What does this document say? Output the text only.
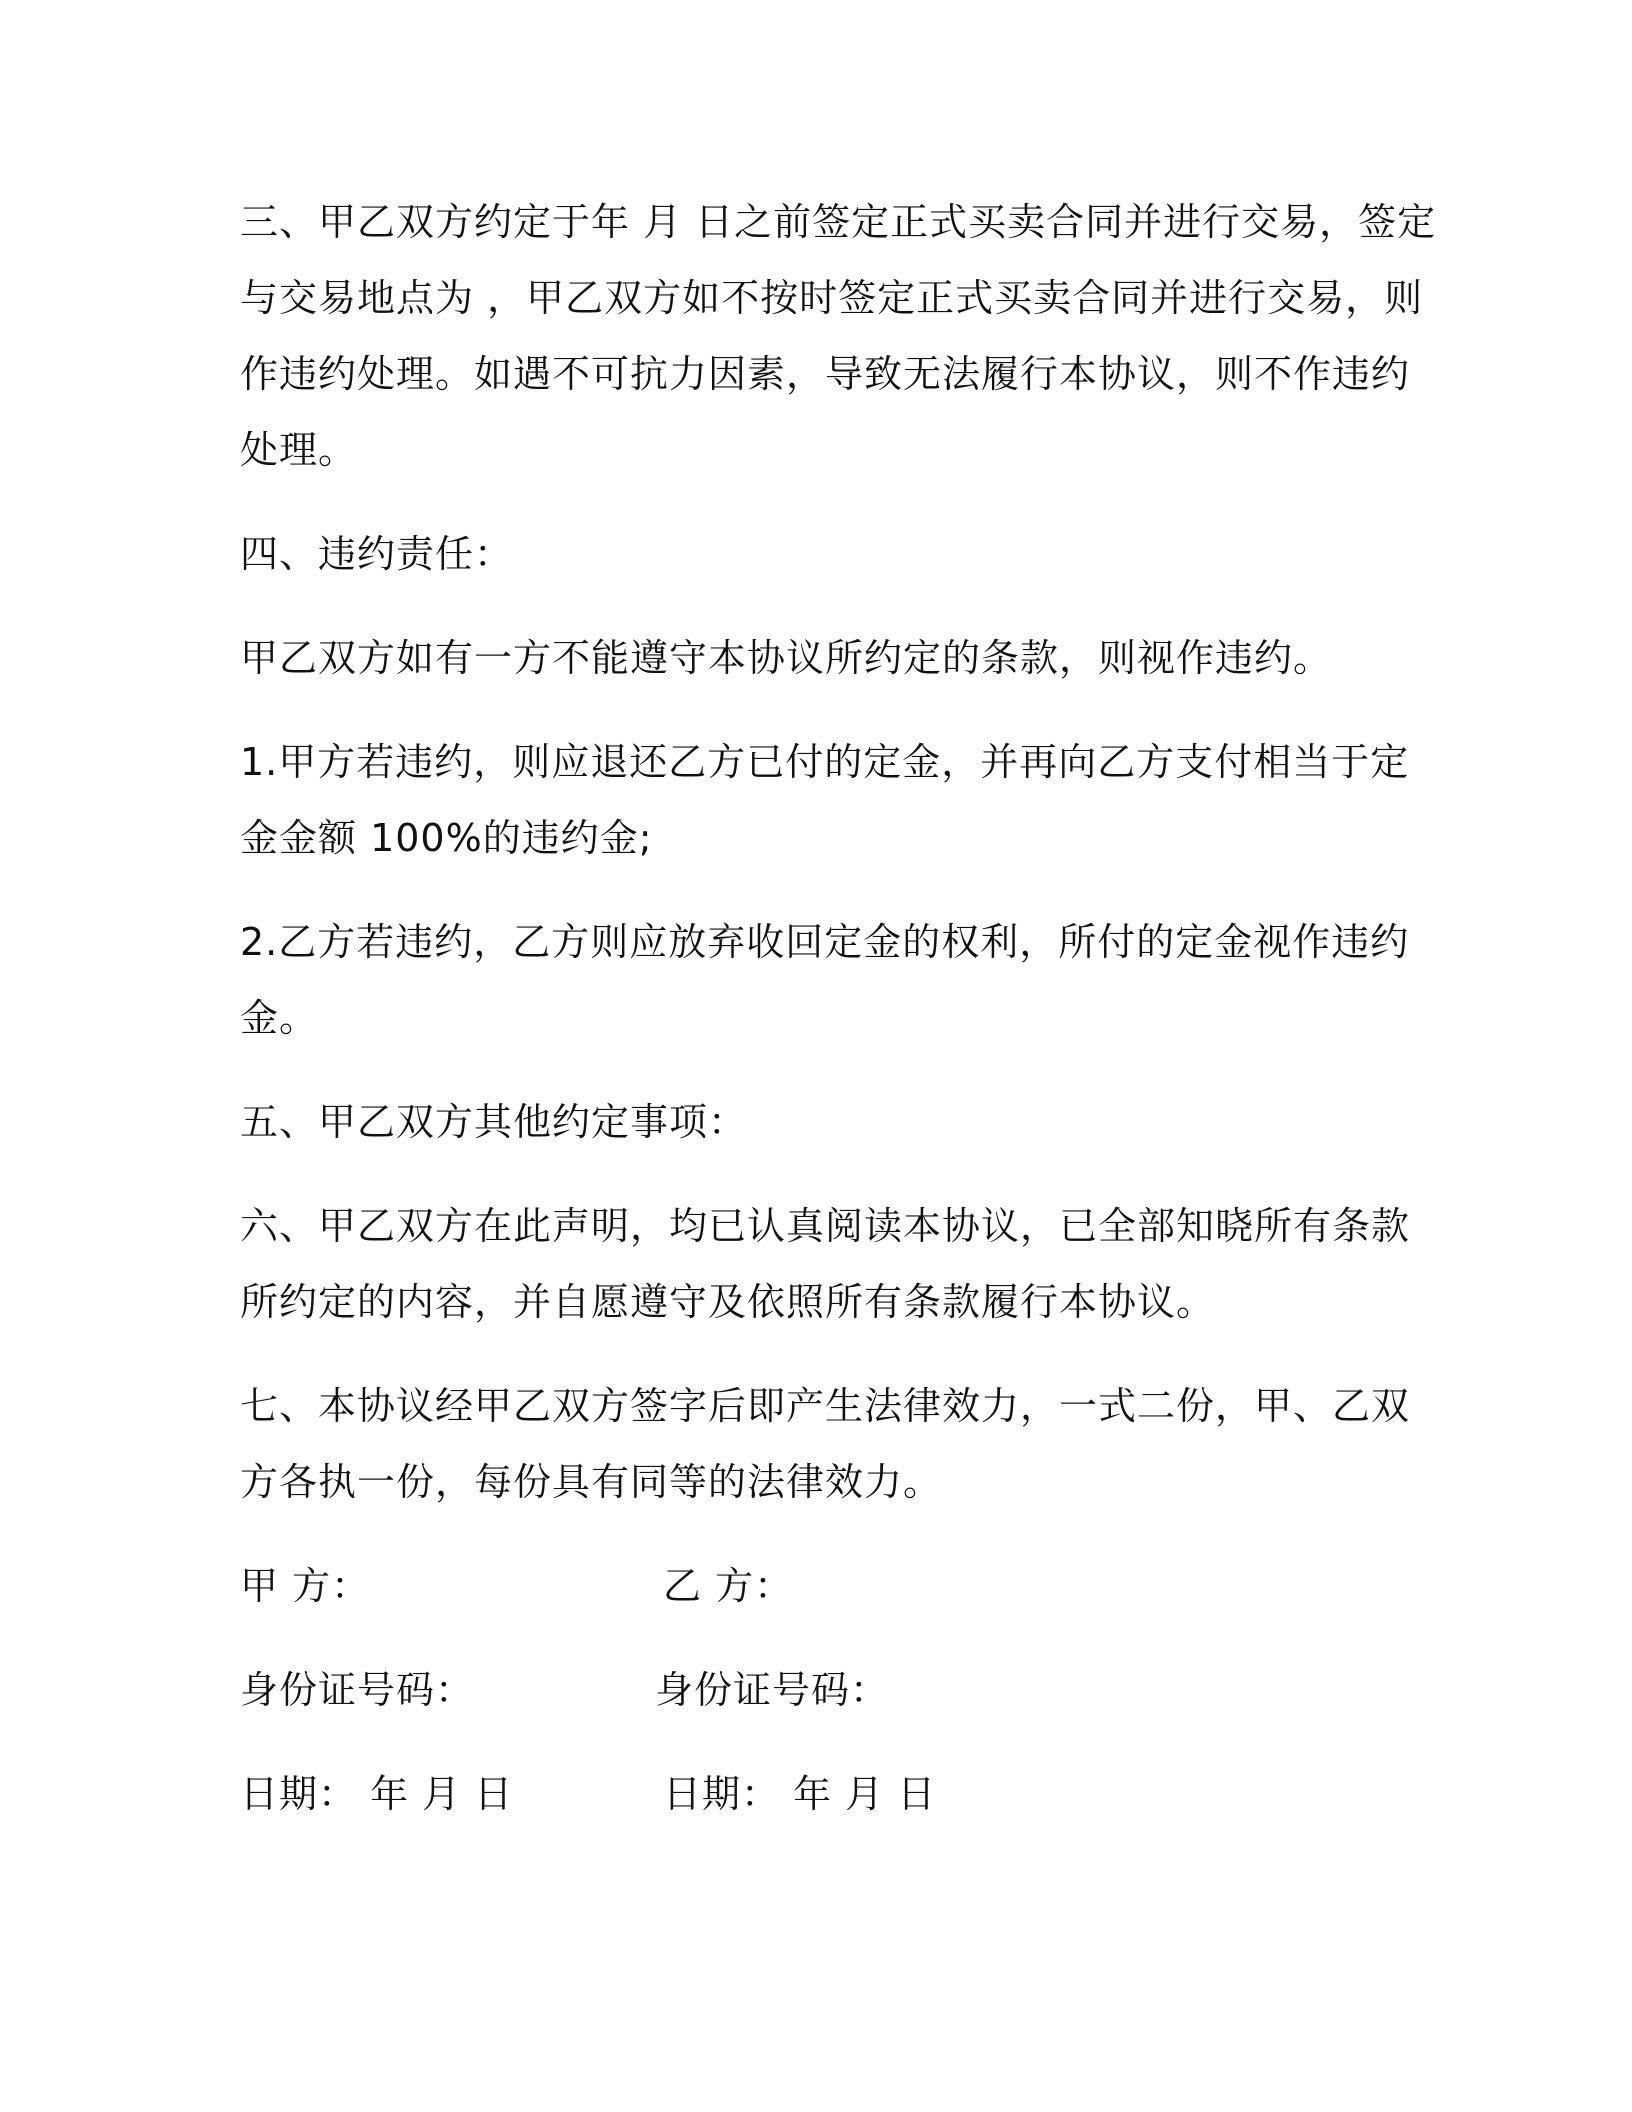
三、甲乙双方约定于年 月 日之前签定正式买卖合同并进行交易，签定
与交易地点为 ，甲乙双方如不按时签定正式买卖合同并进行交易，则
作违约处理。如遇不可抗力因素，导致无法履行本协议，则不作违约
处理。

四、违约责任：

甲乙双方如有一方不能遵守本协议所约定的条款，则视作违约。

1.甲方若违约，则应退还乙方已付的定金，并再向乙方支付相当于定
金金额 100%的违约金;

2.乙方若违约，乙方则应放弃收回定金的权利，所付的定金视作违约
金。

五、甲乙双方其他约定事项：

六、甲乙双方在此声明，均已认真阅读本协议，已全部知晓所有条款
所约定的内容，并自愿遵守及依照所有条款履行本协议。

七、本协议经甲乙双方签字后即产生法律效力，一式二份，甲、乙双
方各执一份，每份具有同等的法律效力。

甲 方：	乙 方：
身份证号码：	身份证号码：
日期： 年 月 日	日期： 年 月 日
